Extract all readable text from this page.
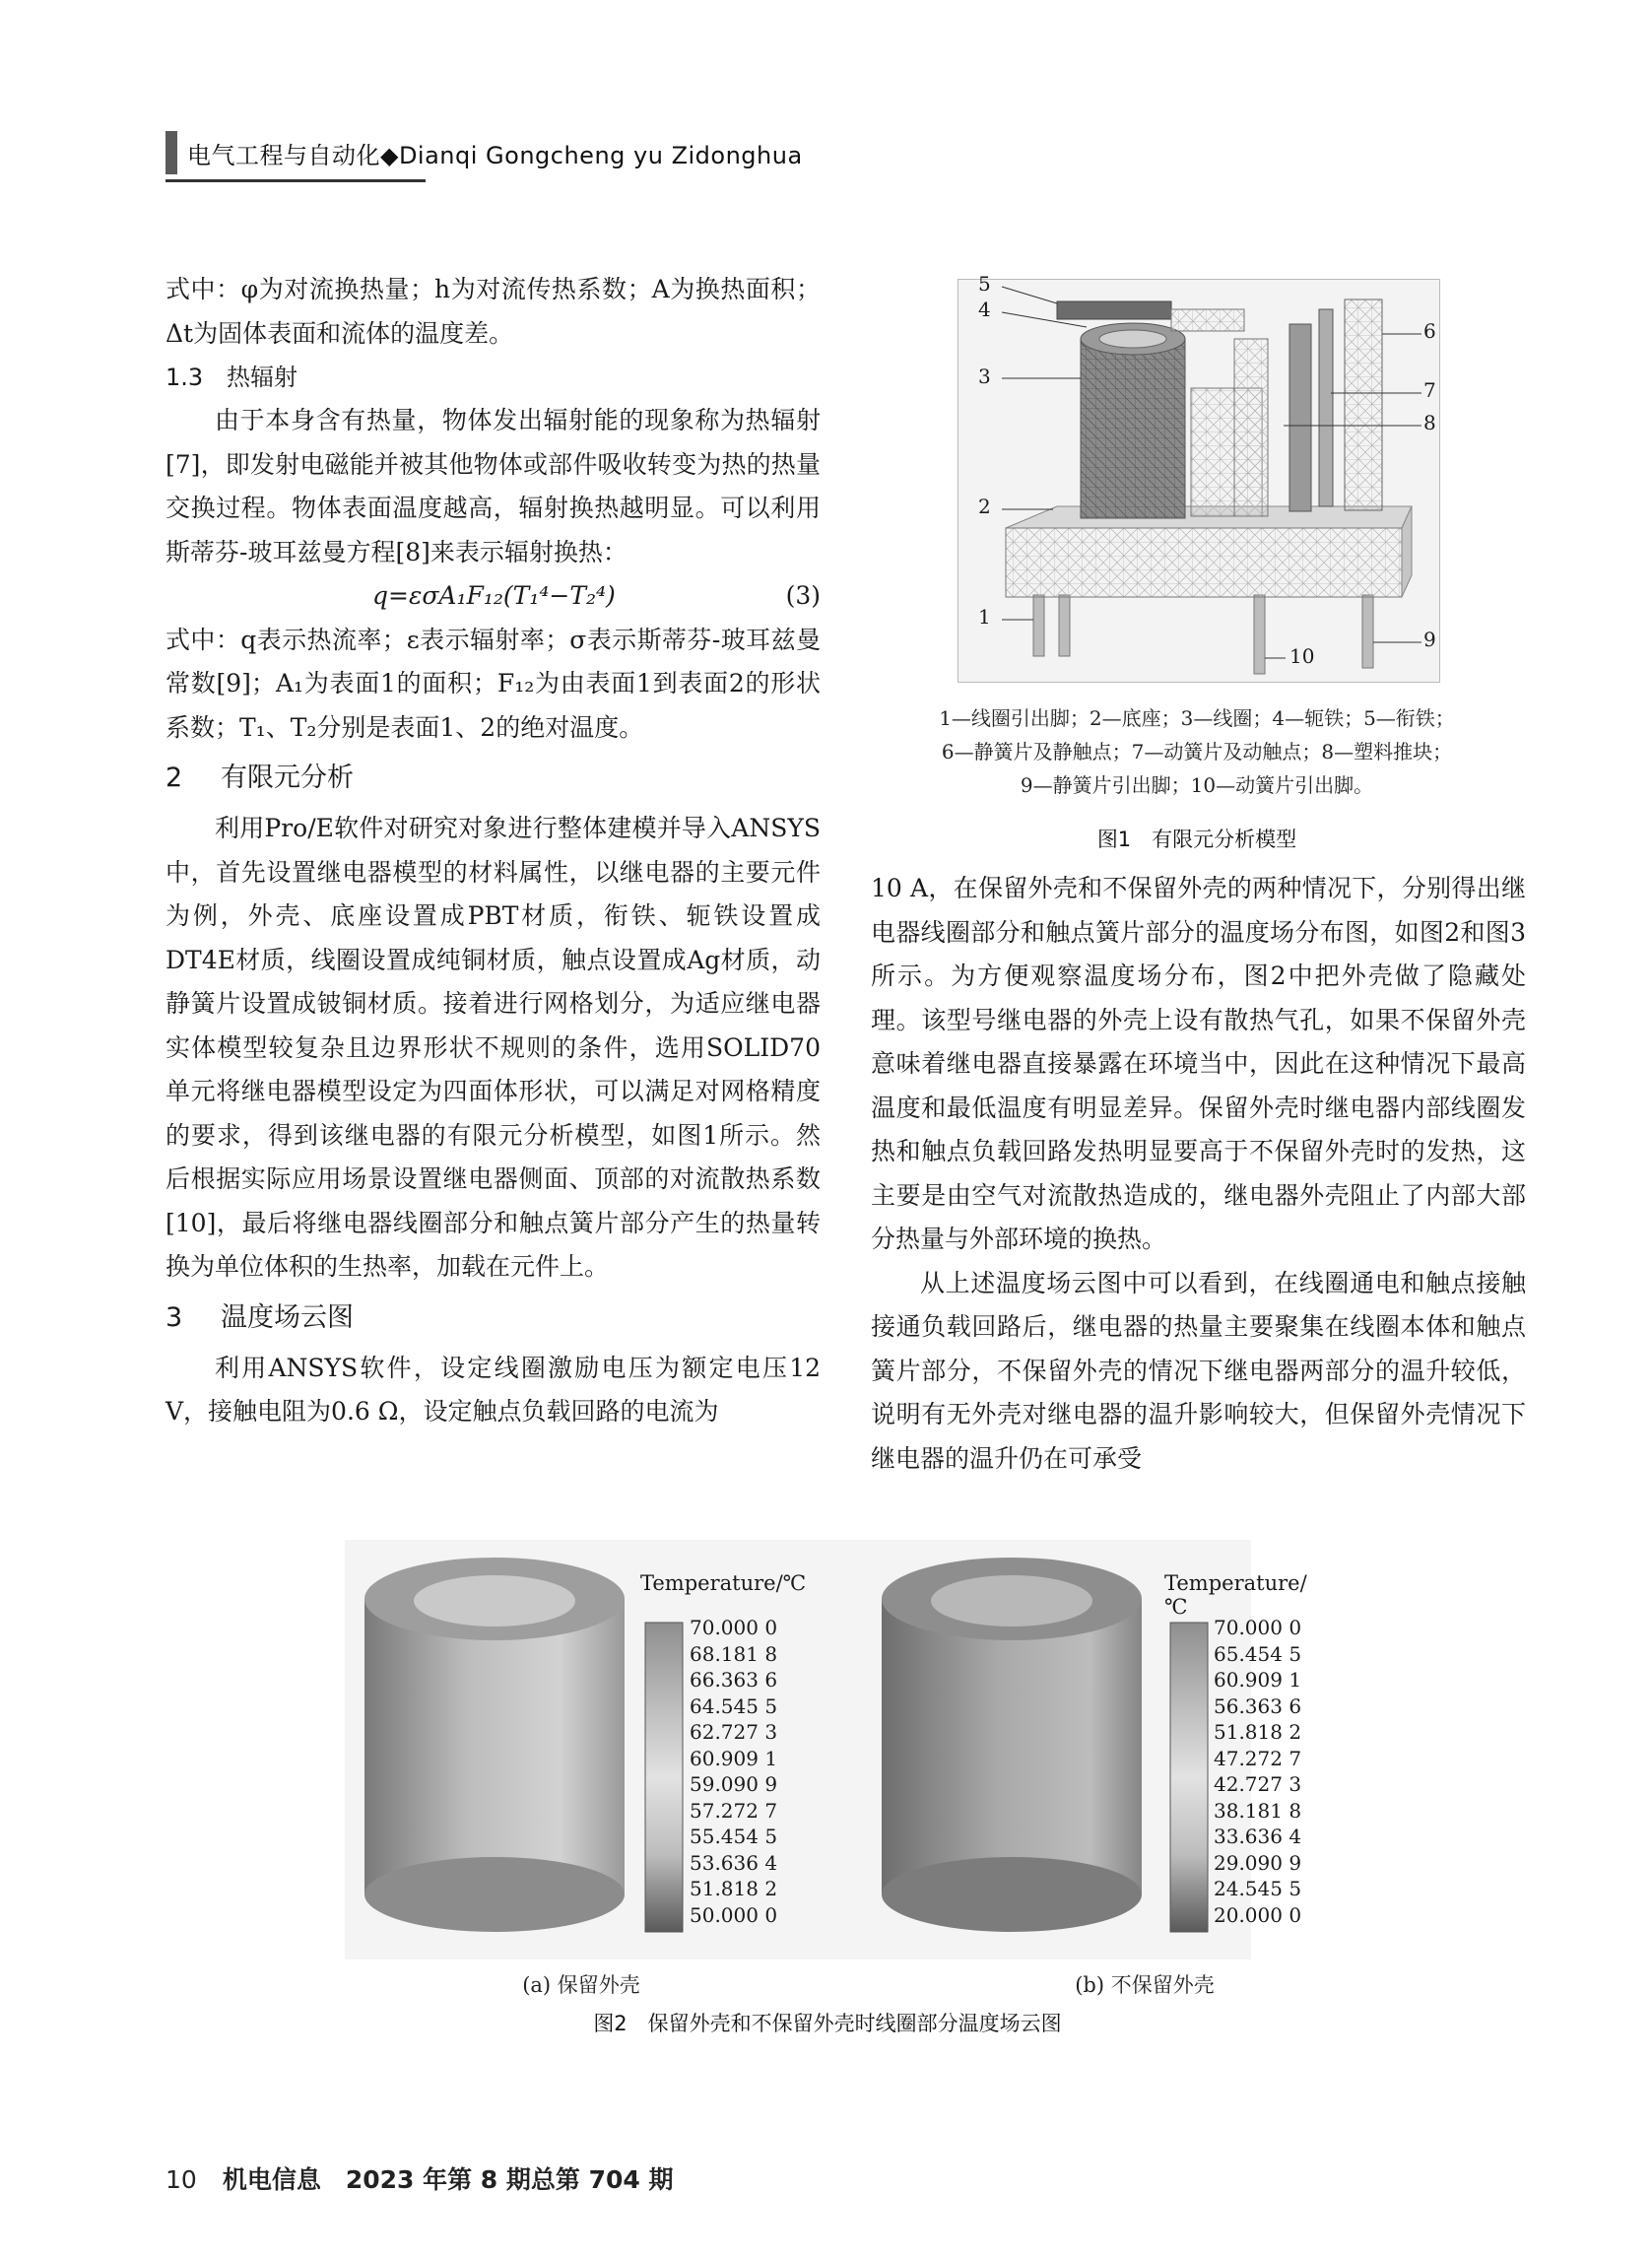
电气工程与自动化◆Dianqi Gongcheng yu Zidonghua

式中：φ为对流换热量；h为对流传热系数；A为换热面积；Δt为固体表面和流体的温度差。

1.3 热辐射

由于本身含有热量，物体发出辐射能的现象称为热辐射[7]，即发射电磁能并被其他物体或部件吸收转变为热的热量交换过程。物体表面温度越高，辐射换热越明显。可以利用斯蒂芬-玻耳兹曼方程[8]来表示辐射换热：

q=εσA₁F₁₂(T₁⁴−T₂⁴)	(3)

式中：q表示热流率；ε表示辐射率；σ表示斯蒂芬-玻耳兹曼常数[9]；A₁为表面1的面积；F₁₂为由表面1到表面2的形状系数；T₁、T₂分别是表面1、2的绝对温度。

2 有限元分析

利用Pro/E软件对研究对象进行整体建模并导入ANSYS中，首先设置继电器模型的材料属性，以继电器的主要元件为例，外壳、底座设置成PBT材质，衔铁、轭铁设置成DT4E材质，线圈设置成纯铜材质，触点设置成Ag材质，动静簧片设置成铍铜材质。接着进行网格划分，为适应继电器实体模型较复杂且边界形状不规则的条件，选用SOLID70单元将继电器模型设定为四面体形状，可以满足对网格精度的要求，得到该继电器的有限元分析模型，如图1所示。然后根据实际应用场景设置继电器侧面、顶部的对流散热系数[10]，最后将继电器线圈部分和触点簧片部分产生的热量转换为单位体积的生热率，加载在元件上。

3 温度场云图

利用ANSYS软件，设定线圈激励电压为额定电压12 V，接触电阻为0.6 Ω，设定触点负载回路的电流为

5
4
3
2
1
6
7
8
9
10
1—线圈引出脚；2—底座；3—线圈；4—轭铁；5—衔铁；
6—静簧片及静触点；7—动簧片及动触点；8—塑料推块；
9—静簧片引出脚；10—动簧片引出脚。
图1　有限元分析模型

10 A，在保留外壳和不保留外壳的两种情况下，分别得出继电器线圈部分和触点簧片部分的温度场分布图，如图2和图3所示。为方便观察温度场分布，图2中把外壳做了隐藏处理。该型号继电器的外壳上设有散热气孔，如果不保留外壳意味着继电器直接暴露在环境当中，因此在这种情况下最高温度和最低温度有明显差异。保留外壳时继电器内部线圈发热和触点负载回路发热明显要高于不保留外壳时的发热，这主要是由空气对流散热造成的，继电器外壳阻止了内部大部分热量与外部环境的换热。

从上述温度场云图中可以看到，在线圈通电和触点接触接通负载回路后，继电器的热量主要聚集在线圈本体和触点簧片部分，不保留外壳的情况下继电器两部分的温升较低，说明有无外壳对继电器的温升影响较大，但保留外壳情况下继电器的温升仍在可承受

Temperature/℃
70.000 0
68.181 8
66.363 6
64.545 5
62.727 3
60.909 1
59.090 9
57.272 7
55.454 5
53.636 4
51.818 2
50.000 0
Temperature/℃
70.000 0
65.454 5
60.909 1
56.363 6
51.818 2
47.272 7
42.727 3
38.181 8
33.636 4
29.090 9
24.545 5
20.000 0
(a) 保留外壳	(b) 不保留外壳
图2　保留外壳和不保留外壳时线圈部分温度场云图
10 机电信息　2023 年第 8 期总第 704 期
